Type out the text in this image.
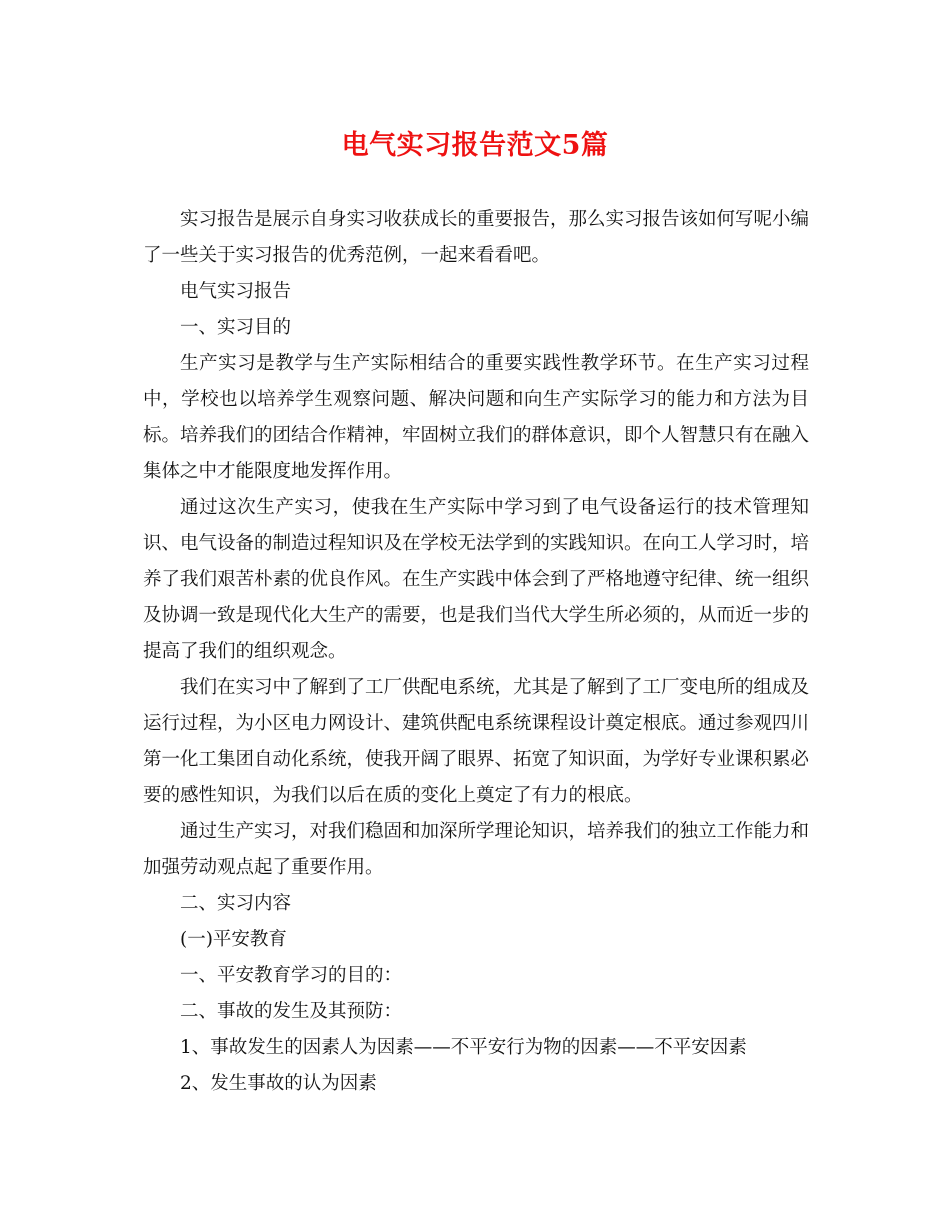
电气实习报告范文5篇

实习报告是展示自身实习收获成长的重要报告，那么实习报告该如何写呢小编了一些关于实习报告的优秀范例，一起来看看吧。

电气实习报告

一、实习目的

生产实习是教学与生产实际相结合的重要实践性教学环节。在生产实习过程中，学校也以培养学生观察问题、解决问题和向生产实际学习的能力和方法为目标。培养我们的团结合作精神，牢固树立我们的群体意识，即个人智慧只有在融入集体之中才能限度地发挥作用。

通过这次生产实习，使我在生产实际中学习到了电气设备运行的技术管理知识、电气设备的制造过程知识及在学校无法学到的实践知识。在向工人学习时，培养了我们艰苦朴素的优良作风。在生产实践中体会到了严格地遵守纪律、统一组织及协调一致是现代化大生产的需要，也是我们当代大学生所必须的，从而近一步的提高了我们的组织观念。

我们在实习中了解到了工厂供配电系统，尤其是了解到了工厂变电所的组成及运行过程，为小区电力网设计、建筑供配电系统课程设计奠定根底。通过参观四川第一化工集团自动化系统，使我开阔了眼界、拓宽了知识面，为学好专业课积累必要的感性知识，为我们以后在质的变化上奠定了有力的根底。

通过生产实习，对我们稳固和加深所学理论知识，培养我们的独立工作能力和加强劳动观点起了重要作用。

二、实习内容

(一)平安教育

一、平安教育学习的目的：

二、事故的发生及其预防：

1、事故发生的因素人为因素——不平安行为物的因素——不平安因素

2、发生事故的认为因素
